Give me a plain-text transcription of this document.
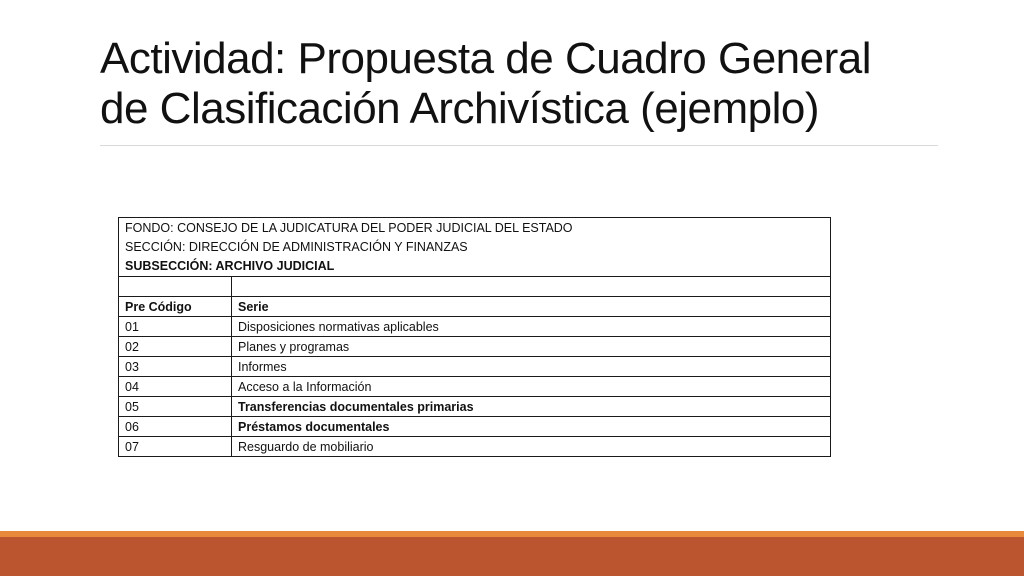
Actividad: Propuesta de Cuadro General
de Clasificación Archivística (ejemplo)
FONDO: CONSEJO DE LA JUDICATURA DEL PODER JUDICIAL DEL ESTADO
SECCIÓN: DIRECCIÓN DE ADMINISTRACIÓN Y FINANZAS
SUBSECCIÓN: ARCHIVO JUDICIAL	

Pre Código	Serie
01	Disposiciones normativas aplicables
02	Planes y programas
03	Informes
04	Acceso a la Información
05	Transferencias documentales primarias
06	Préstamos documentales
07	Resguardo de mobiliario
